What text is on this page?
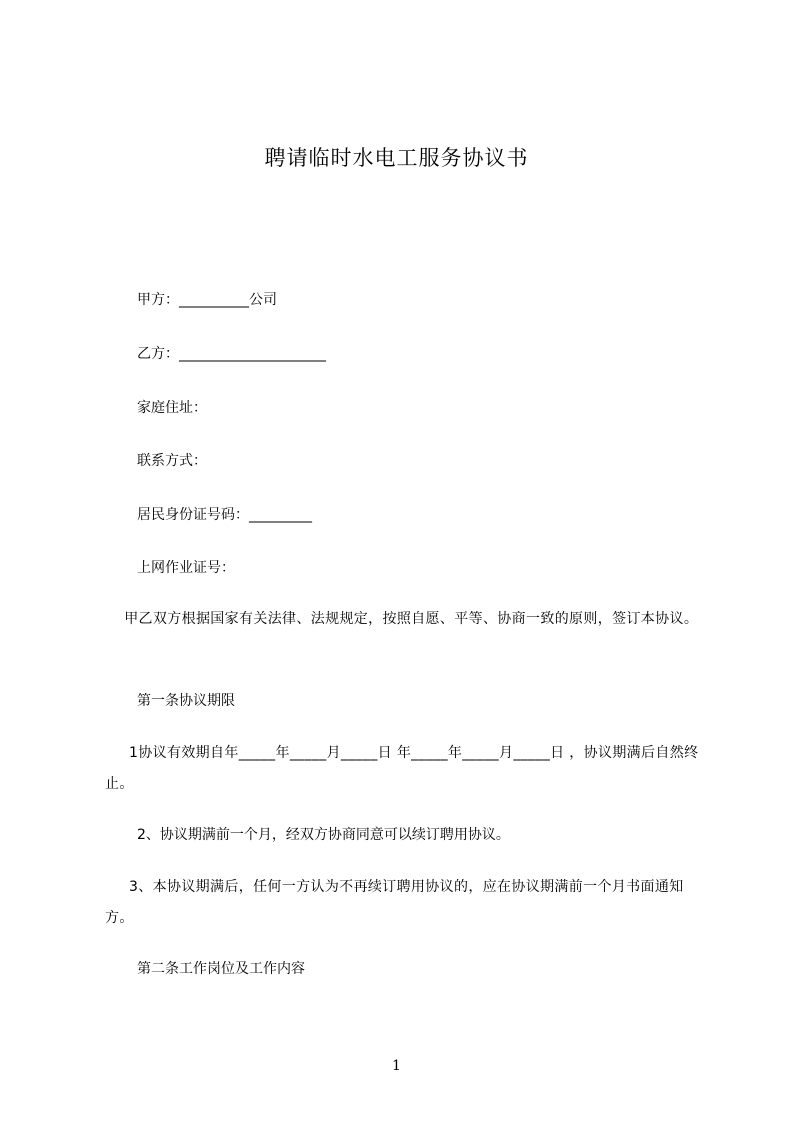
聘请临时水电工服务协议书
甲方：__________公司
乙方：_____________________
家庭住址：
联系方式：
居民身份证号码：_________
上网作业证号：
甲乙双方根据国家有关法律、法规规定，按照自愿、平等、协商一致的原则，签订本协议。
第一条协议期限
1协议有效期自年_____年_____月_____日 年_____年_____月_____日 ，协议期满后自然终止。
2、协议期满前一个月，经双方协商同意可以续订聘用协议。
3、本协议期满后，任何一方认为不再续订聘用协议的，应在协议期满前一个月书面通知方。
第二条工作岗位及工作内容
1
